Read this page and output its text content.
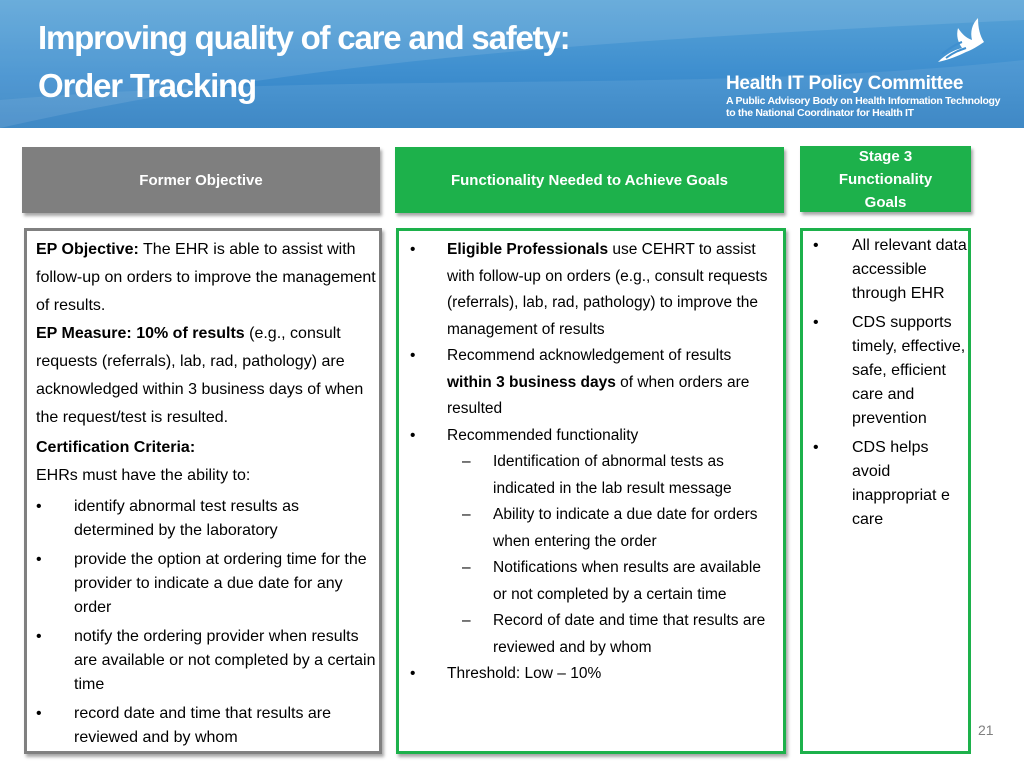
Improving quality of care and safety:
Order Tracking	Health IT Policy Committee
A Public Advisory Body on Health Information Technology
to the National Coordinator for Health IT
Former Objective	Functionality Needed to Achieve Goals
Stage 3
Functionality
Goals

EP Objective: The EHR is able to assist with follow-up on orders to improve the management of results.

EP Measure: 10% of results (e.g., consult requests (referrals), lab, rad, pathology) are acknowledged within 3 business days of when the request/test is resulted.

Certification Criteria:

EHRs must have the ability to:

• identify abnormal test results as determined by the laboratory
• provide the option at ordering time for the provider to indicate a due date for any order
• notify the ordering provider when results are available or not completed by a certain time
• record date and time that results are reviewed and by whom
• Eligible Professionals use CEHRT to assist with follow-up on orders (e.g., consult requests (referrals), lab, rad, pathology) to improve the management of results
• Recommend acknowledgement of results within 3 business days of when orders are resulted
• Recommended functionality
– Identification of abnormal tests as indicated in the lab result message
– Ability to indicate a due date for orders when entering the order
– Notifications when results are available or not completed by a certain time
– Record of date and time that results are reviewed and by whom
• Threshold: Low – 10%
• All relevant data accessible through EHR
• CDS supports timely, effective, safe, efficient care and prevention
• CDS helps avoid inappropriat e care
21
